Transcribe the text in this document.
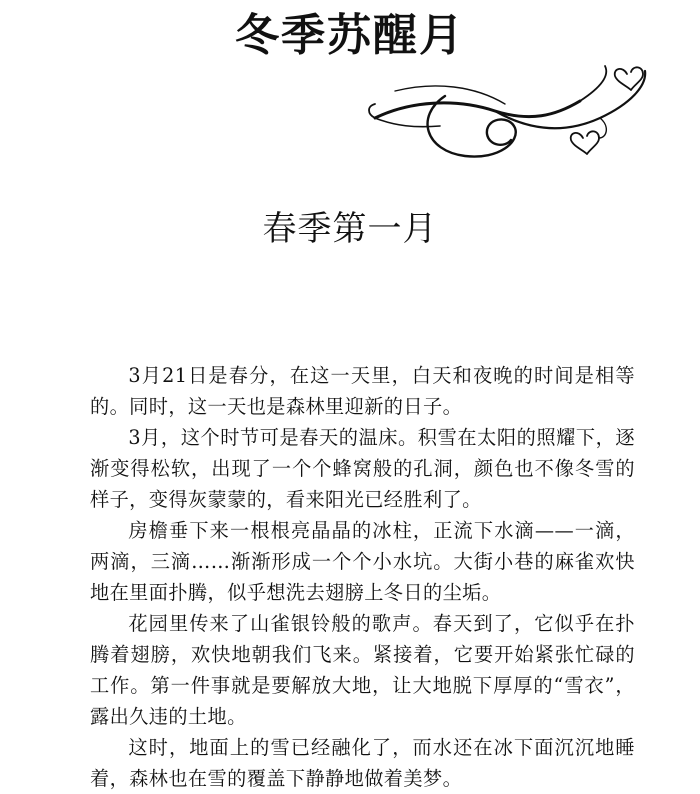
冬季苏醒月
春季第一月

3月21日是春分，在这一天里，白天和夜晚的时间是相等的。同时，这一天也是森林里迎新的日子。

3月，这个时节可是春天的温床。积雪在太阳的照耀下，逐渐变得松软，出现了一个个蜂窝般的孔洞，颜色也不像冬雪的样子，变得灰蒙蒙的，看来阳光已经胜利了。

房檐垂下来一根根亮晶晶的冰柱，正流下水滴——一滴，两滴，三滴……渐渐形成一个个小水坑。大街小巷的麻雀欢快地在里面扑腾，似乎想洗去翅膀上冬日的尘垢。

花园里传来了山雀银铃般的歌声。春天到了，它似乎在扑腾着翅膀，欢快地朝我们飞来。紧接着，它要开始紧张忙碌的工作。第一件事就是要解放大地，让大地脱下厚厚的“雪衣”，露出久违的土地。

这时，地面上的雪已经融化了，而水还在冰下面沉沉地睡着，森林也在雪的覆盖下静静地做着美梦。
